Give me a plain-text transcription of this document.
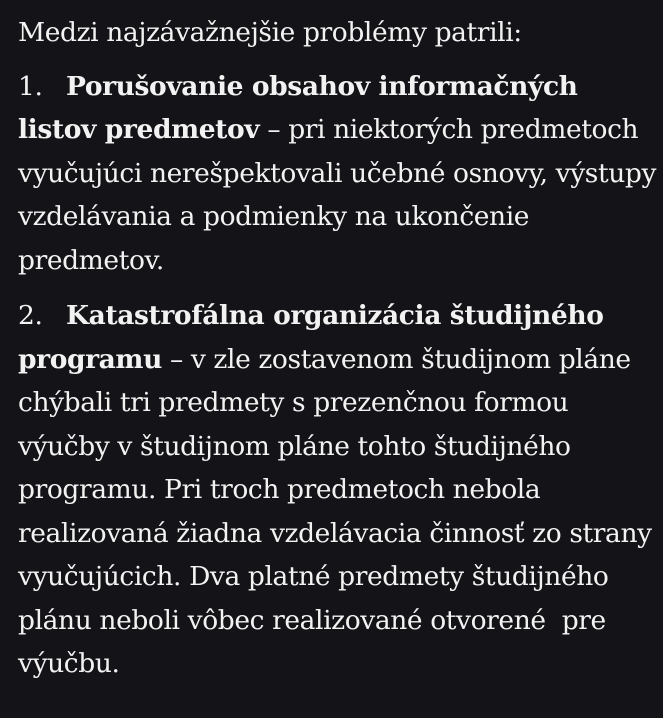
Medzi najzávažnejšie problémy patrili:

1. Porušovanie obsahov informačných listov predmetov – pri niektorých predmetoch vyučujúci nerešpektovali učebné osnovy, výstupy vzdelávania a podmienky na ukončenie predmetov.

2. Katastrofálna organizácia študijného programu – v zle zostavenom študijnom pláne chýbali tri predmety s prezenčnou formou výučby v študijnom pláne tohto študijného programu. Pri troch predmetoch nebola realizovaná žiadna vzdelávacia činnosť zo strany vyučujúcich. Dva platné predmety študijného plánu neboli vôbec realizované otvorené  pre výučbu.
